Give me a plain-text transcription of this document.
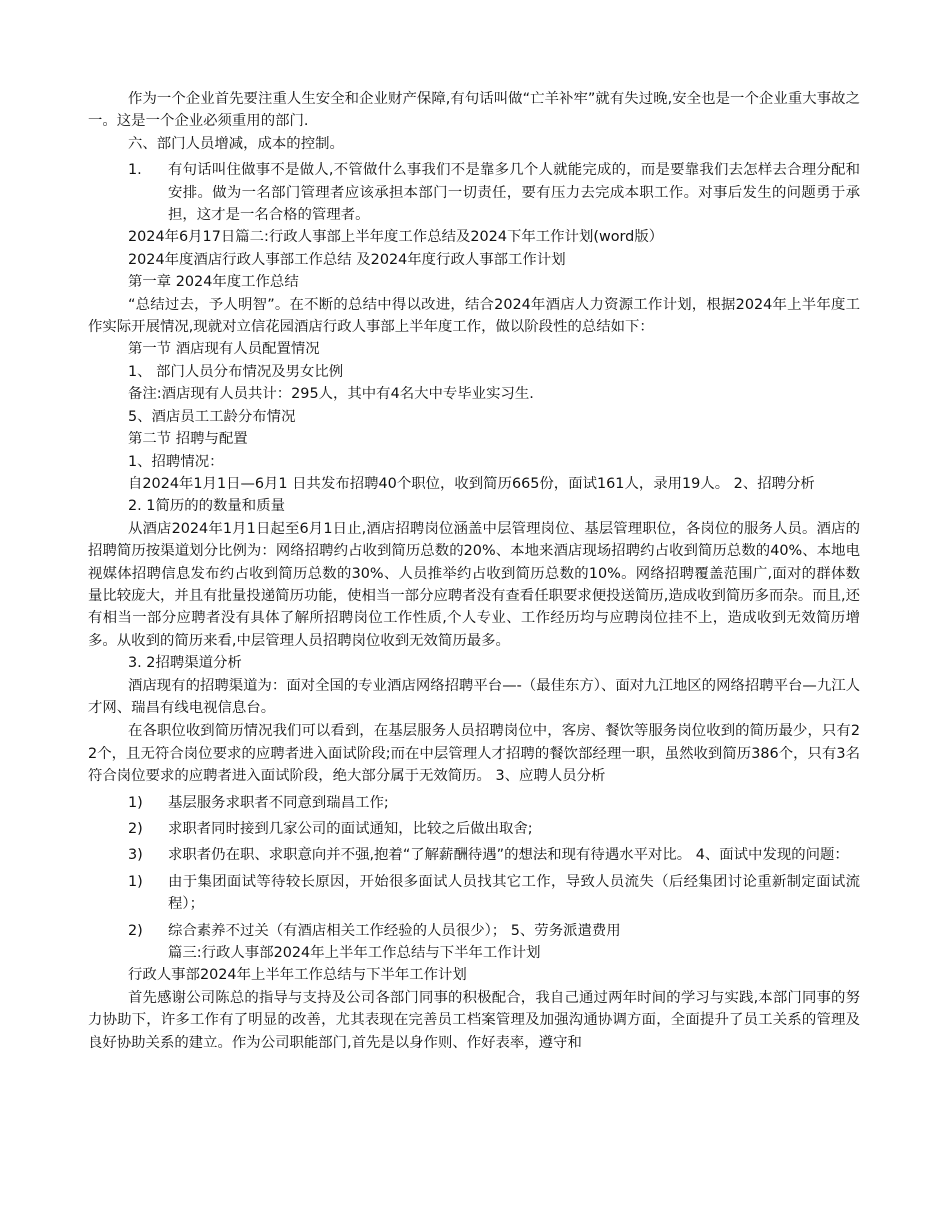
作为一个企业首先要注重人生安全和企业财产保障,有句话叫做“亡羊补牢”就有失过晚,安全也是一个企业重大事故之一。这是一个企业必须重用的部门.

六、部门人员增减，成本的控制。

1.	有句话叫住做事不是做人,不管做什么事我们不是靠多几个人就能完成的，而是要靠我们去怎样去合理分配和安排。做为一名部门管理者应该承担本部门一切责任，要有压力去完成本职工作。对事后发生的问题勇于承担，这才是一名合格的管理者。

2024年6月17日篇二:行政人事部上半年度工作总结及2024下年工作计划(word版）

2024年度酒店行政人事部工作总结 及2024年度行政人事部工作计划

第一章 2024年度工作总结

“总结过去，予人明智”。在不断的总结中得以改进，结合2024年酒店人力资源工作计划，根据2024年上半年度工作实际开展情况,现就对立信花园酒店行政人事部上半年度工作，做以阶段性的总结如下：

第一节 酒店现有人员配置情况

1、 部门人员分布情况及男女比例

备注:酒店现有人员共计：295人，其中有4名大中专毕业实习生.

5、酒店员工工龄分布情况

第二节 招聘与配置

1、招聘情况：

自2024年1月1日—6月1 日共发布招聘40个职位，收到简历665份，面试161人，录用19人。 2、招聘分析

2. 1简历的的数量和质量

从酒店2024年1月1日起至6月1日止,酒店招聘岗位涵盖中层管理岗位、基层管理职位，各岗位的服务人员。酒店的招聘简历按渠道划分比例为：网络招聘约占收到简历总数的20%、本地来酒店现场招聘约占收到简历总数的40%、本地电视媒体招聘信息发布约占收到简历总数的30%、人员推举约占收到简历总数的10%。网络招聘覆盖范围广,面对的群体数量比较庞大，并且有批量投递简历功能，使相当一部分应聘者没有查看任职要求便投送简历,造成收到简历多而杂。而且,还有相当一部分应聘者没有具体了解所招聘岗位工作性质,个人专业、工作经历均与应聘岗位挂不上，造成收到无效简历增多。从收到的简历来看,中层管理人员招聘岗位收到无效简历最多。

3. 2招聘渠道分析

酒店现有的招聘渠道为：面对全国的专业酒店网络招聘平台—-（最佳东方）、面对九江地区的网络招聘平台—九江人才网、瑞昌有线电视信息台。

在各职位收到简历情况我们可以看到，在基层服务人员招聘岗位中，客房、餐饮等服务岗位收到的简历最少，只有22个，且无符合岗位要求的应聘者进入面试阶段;而在中层管理人才招聘的餐饮部经理一职，虽然收到简历386个，只有3名符合岗位要求的应聘者进入面试阶段，绝大部分属于无效简历。 3、应聘人员分析

1)	基层服务求职者不同意到瑞昌工作;

2)	求职者同时接到几家公司的面试通知，比较之后做出取舍;

3)	求职者仍在职、求职意向并不强,抱着“了解薪酬待遇”的想法和现有待遇水平对比。 4、面试中发现的问题：

1)	由于集团面试等待较长原因，开始很多面试人员找其它工作，导致人员流失（后经集团讨论重新制定面试流程）；

2)	综合素养不过关（有酒店相关工作经验的人员很少）； 5、劳务派遣费用

篇三:行政人事部2024年上半年工作总结与下半年工作计划

行政人事部2024年上半年工作总结与下半年工作计划

首先感谢公司陈总的指导与支持及公司各部门同事的积极配合，我自己通过两年时间的学习与实践,本部门同事的努力协助下，许多工作有了明显的改善，尤其表现在完善员工档案管理及加强沟通协调方面，全面提升了员工关系的管理及良好协助关系的建立。作为公司职能部门,首先是以身作则、作好表率，遵守和
